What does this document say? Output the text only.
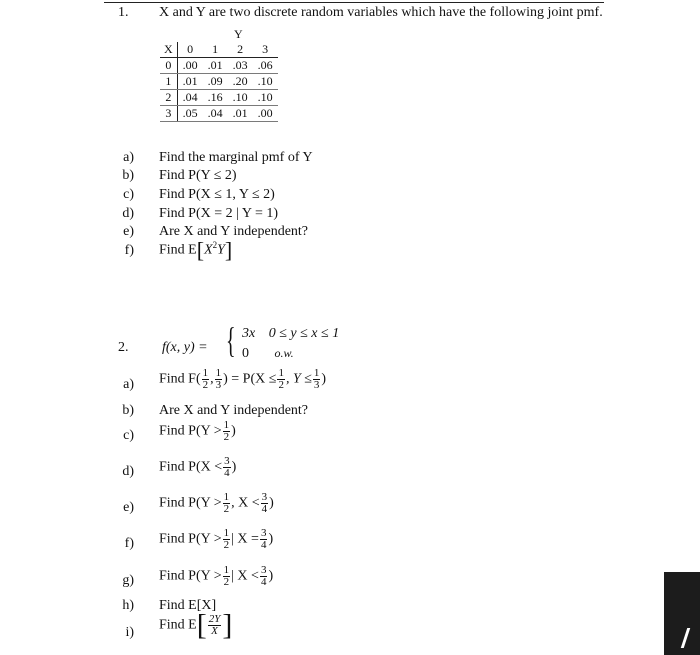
1. X and Y are two discrete random variables which have the following joint pmf.
Y
X	0	1	2	3
0	.00	.01	.03	.06
1	.01	.09	.20	.10
2	.04	.16	.10	.10
3	.05	.04	.01	.00
a) Find the marginal pmf of Y
b) Find P(Y ≤ 2)
c) Find P(X ≤ 1, Y ≤ 2)
d) Find P(X = 2 | Y = 1)
e) Are X and Y independent?
f) Find $E[X^2Y]$
2. f(x, y) = { 3x 0 ≤ y ≤ x ≤ 1
0 o.w.
a) Find $F( \frac{1}{2}$ , $\frac{1}{3}$ ) = $P(X \le \frac{1}{2}$ , $Y \le \frac{1}{3}$ )
b) Are X and Y independent?
c) Find $P(Y > \frac{1}{2}$ )
d) Find $P(X < \frac{3}{4}$ )
e) Find $P(Y > \frac{1}{2}$ , $X < \frac{3}{4}$ )
f) Find $P(Y > \frac{1}{2}$ | $X = \frac{3}{4}$ )
g) Find $P(Y > \frac{1}{2}$ | $X < \frac{3}{4}$ )
h) Find E[X]
i) Find $E[ \frac{2Y}{X}$ ]
